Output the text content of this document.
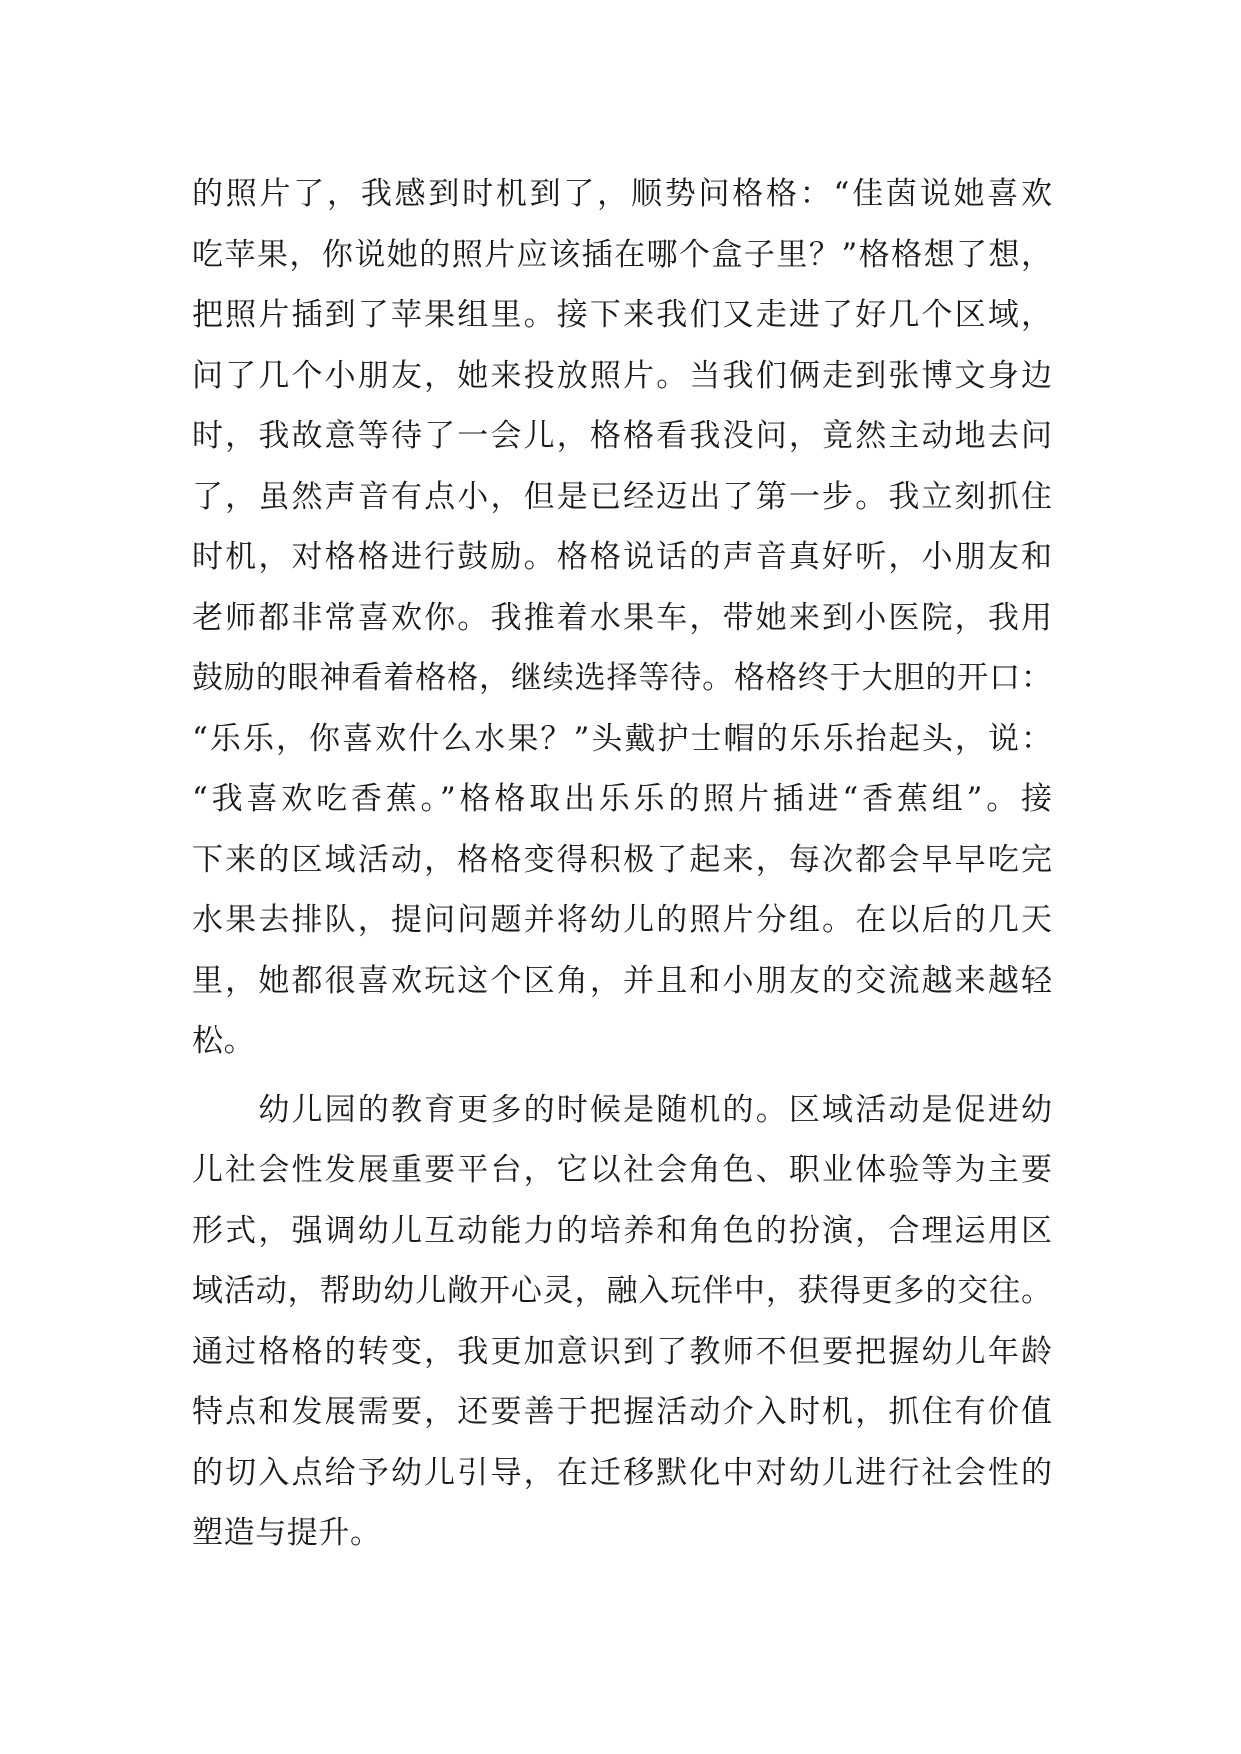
的照片了，我感到时机到了，顺势问格格：“佳茵说她喜欢
吃苹果，你说她的照片应该插在哪个盒子里？”格格想了想，
把照片插到了苹果组里。接下来我们又走进了好几个区域，
问了几个小朋友，她来投放照片。当我们俩走到张博文身边
时，我故意等待了一会儿，格格看我没问，竟然主动地去问
了，虽然声音有点小，但是已经迈出了第一步。我立刻抓住
时机，对格格进行鼓励。格格说话的声音真好听，小朋友和
老师都非常喜欢你。我推着水果车，带她来到小医院，我用
鼓励的眼神看着格格，继续选择等待。格格终于大胆的开口：
“乐乐，你喜欢什么水果？”头戴护士帽的乐乐抬起头，说：
“我喜欢吃香蕉。”格格取出乐乐的照片插进“香蕉组”。接
下来的区域活动，格格变得积极了起来，每次都会早早吃完
水果去排队，提问问题并将幼儿的照片分组。在以后的几天
里，她都很喜欢玩这个区角，并且和小朋友的交流越来越轻
松。
　　幼儿园的教育更多的时候是随机的。区域活动是促进幼
儿社会性发展重要平台，它以社会角色、职业体验等为主要
形式，强调幼儿互动能力的培养和角色的扮演，合理运用区
域活动，帮助幼儿敞开心灵，融入玩伴中，获得更多的交往。
通过格格的转变，我更加意识到了教师不但要把握幼儿年龄
特点和发展需要，还要善于把握活动介入时机，抓住有价值
的切入点给予幼儿引导，在迁移默化中对幼儿进行社会性的
塑造与提升。
